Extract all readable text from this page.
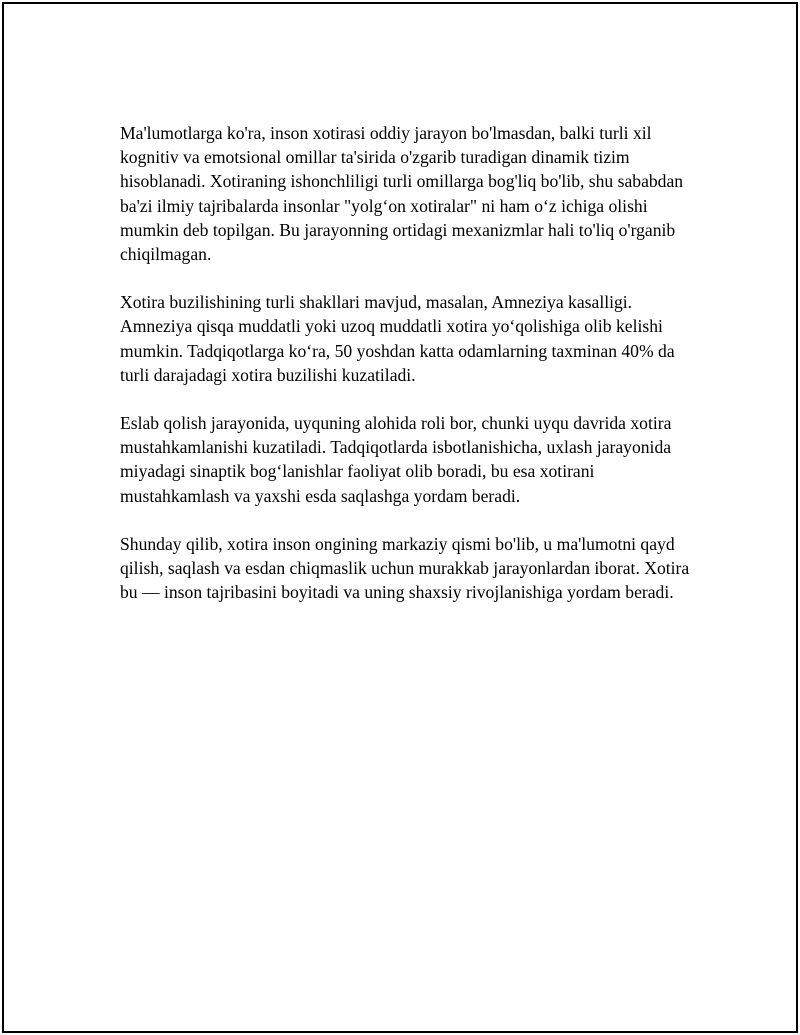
Ma'lumotlarga ko'ra, inson xotirasi oddiy jarayon bo'lmasdan, balki turli xil kognitiv va emotsional omillar ta'sirida o'zgarib turadigan dinamik tizim hisoblanadi. Xotiraning ishonchliligi turli omillarga bog'liq bo'lib, shu sababdan ba'zi ilmiy tajribalarda insonlar "yolg‘on xotiralar" ni ham o‘z ichiga olishi mumkin deb topilgan. Bu jarayonning ortidagi mexanizmlar hali to'liq o'rganib chiqilmagan.

Xotira buzilishining turli shakllari mavjud, masalan, Amneziya kasalligi. Amneziya qisqa muddatli yoki uzoq muddatli xotira yo‘qolishiga olib kelishi mumkin. Tadqiqotlarga ko‘ra, 50 yoshdan katta odamlarning taxminan 40% da turli darajadagi xotira buzilishi kuzatiladi.

Eslab qolish jarayonida, uyquning alohida roli bor, chunki uyqu davrida xotira mustahkamlanishi kuzatiladi. Tadqiqotlarda isbotlanishicha, uxlash jarayonida miyadagi sinaptik bog‘lanishlar faoliyat olib boradi, bu esa xotirani mustahkamlash va yaxshi esda saqlashga yordam beradi.

Shunday qilib, xotira inson ongining markaziy qismi bo'lib, u ma'lumotni qayd qilish, saqlash va esdan chiqmaslik uchun murakkab jarayonlardan iborat. Xotira bu — inson tajribasini boyitadi va uning shaxsiy rivojlanishiga yordam beradi.
